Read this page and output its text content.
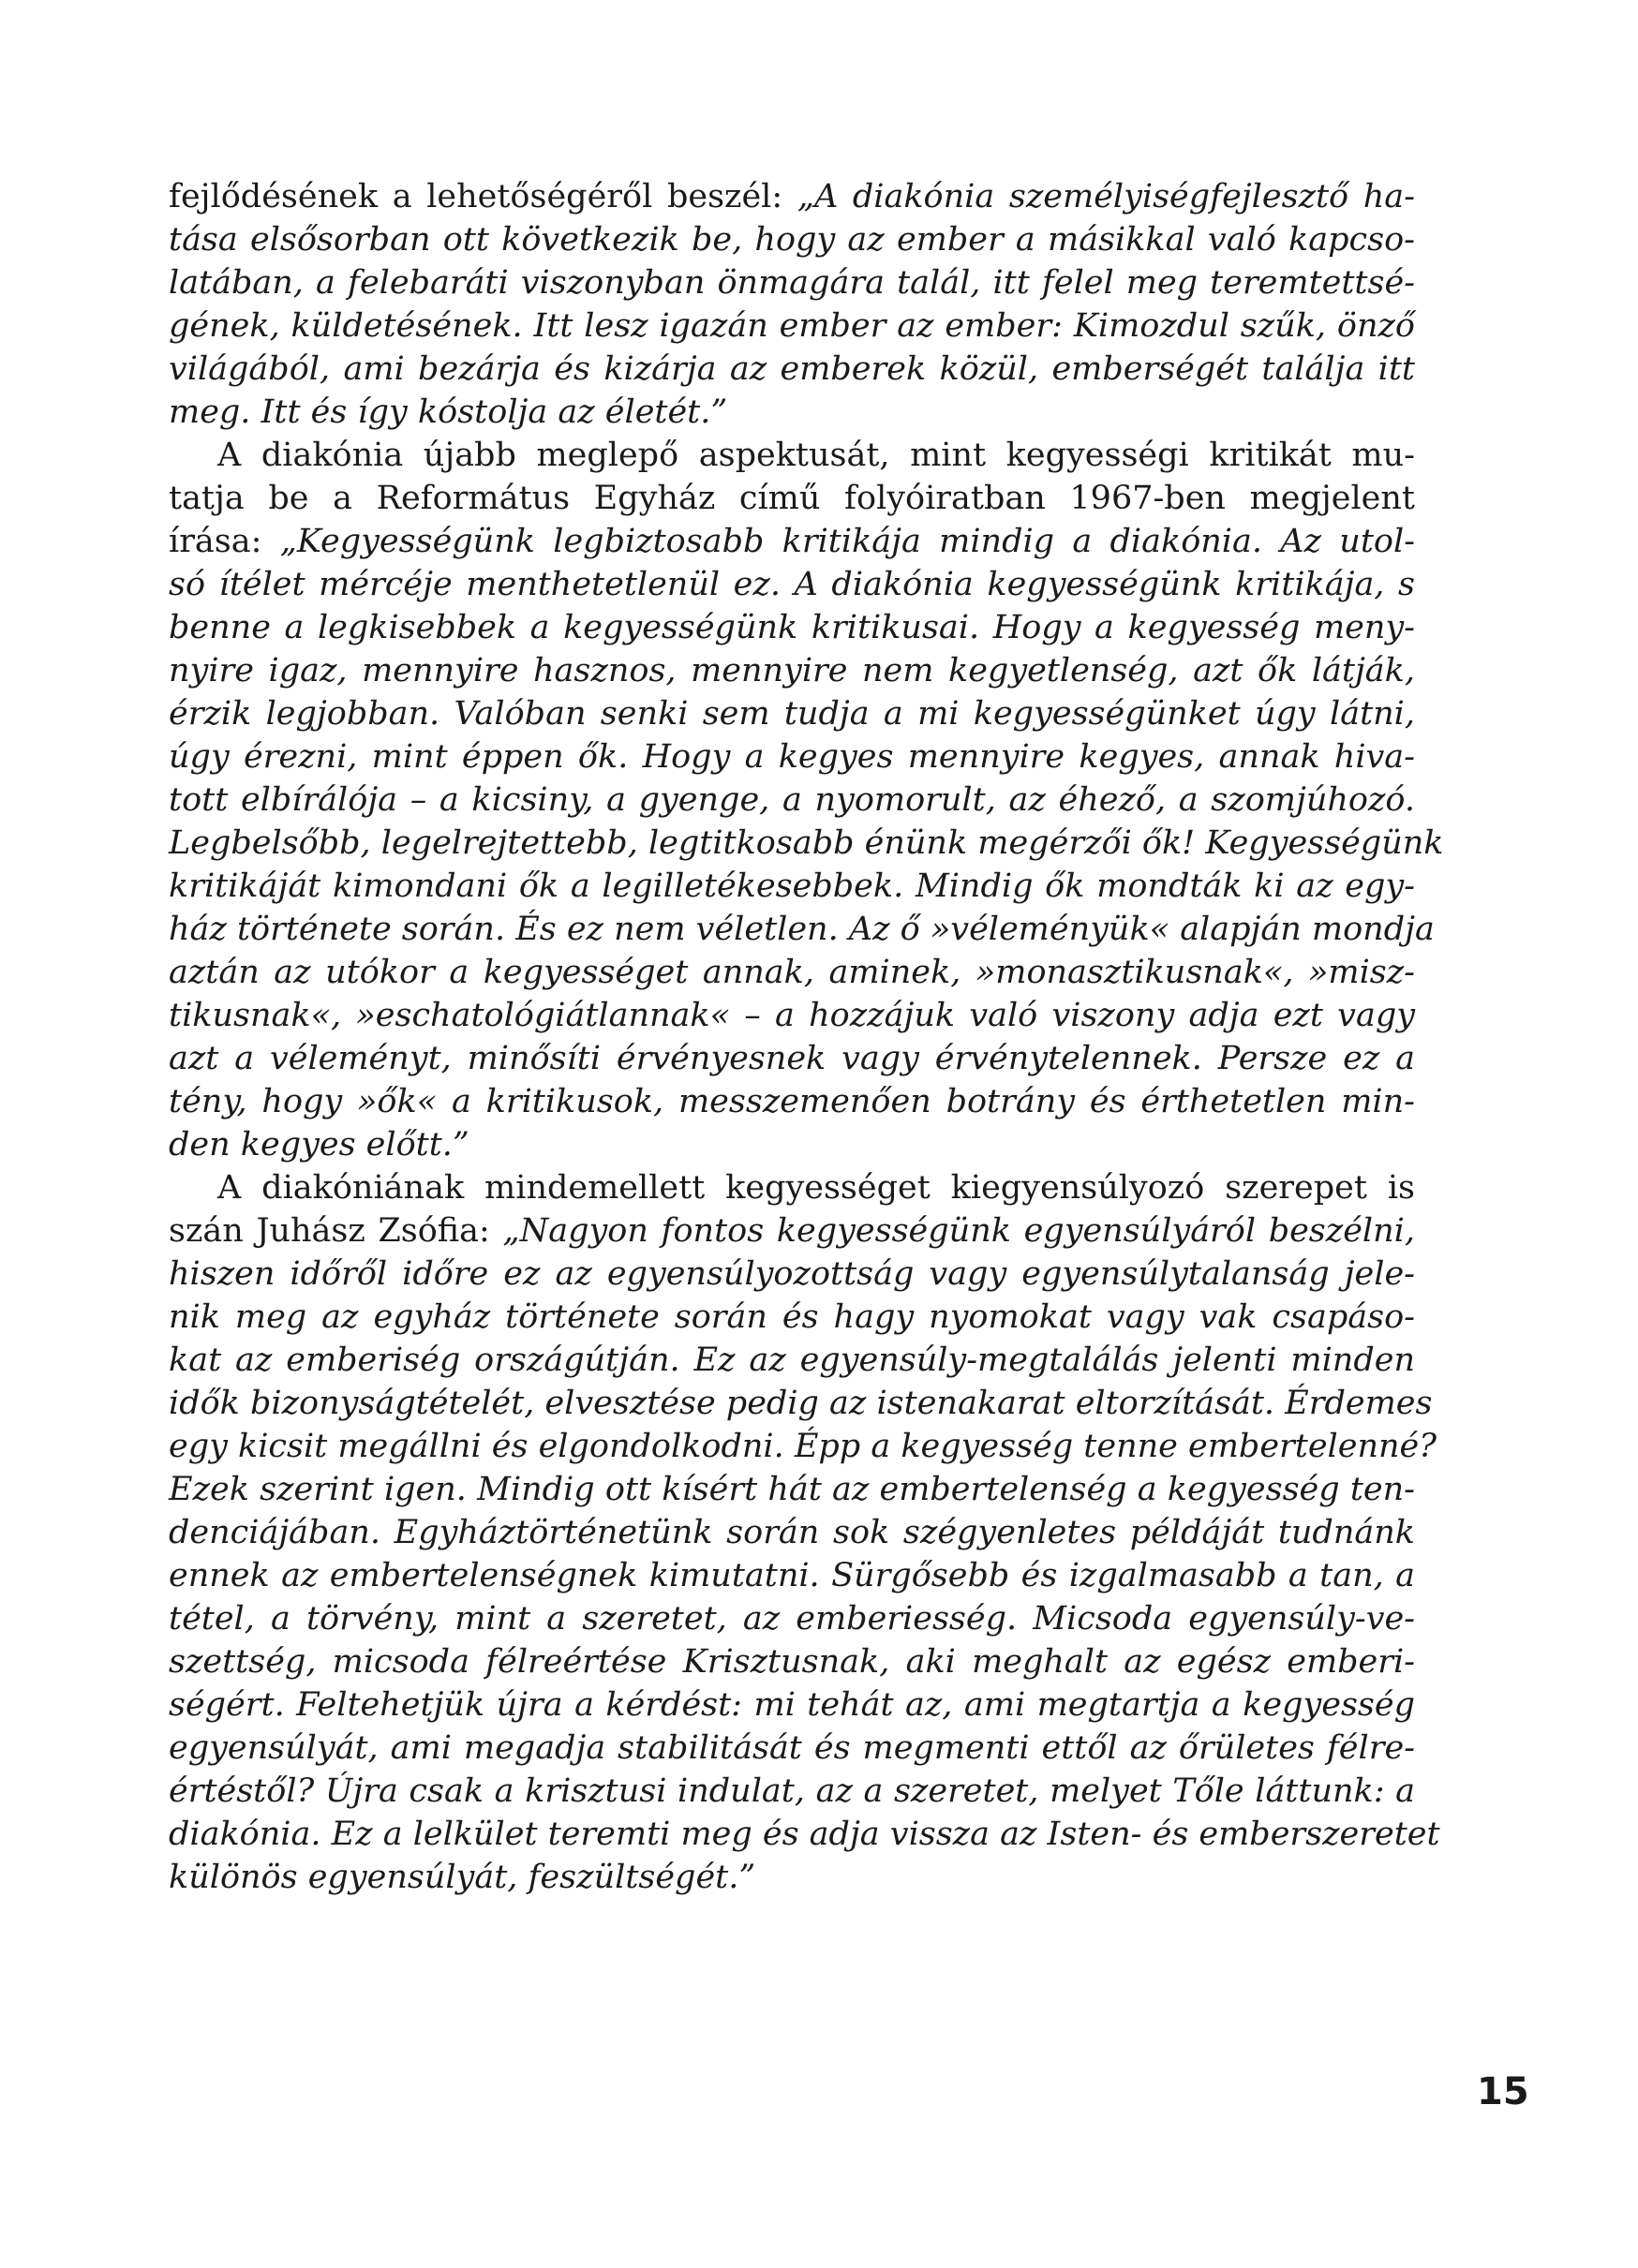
fejlődésének a lehetőségéről beszél: „A diakónia személyiségfejlesztő ha-
tása elsősorban ott következik be, hogy az ember a másikkal való kapcso-
latában, a felebaráti viszonyban önmagára talál, itt felel meg teremtettsé-
gének, küldetésének. Itt lesz igazán ember az ember: Kimozdul szűk, önző
világából, ami bezárja és kizárja az emberek közül, emberségét találja itt
meg. Itt és így kóstolja az életét.”
A diakónia újabb meglepő aspektusát, mint kegyességi kritikát mu-
tatja be a Református Egyház című folyóiratban 1967-ben megjelent
írása: „Kegyességünk legbiztosabb kritikája mindig a diakónia. Az utol-
só ítélet mércéje menthetetlenül ez. A diakónia kegyességünk kritikája, s
benne a legkisebbek a kegyességünk kritikusai. Hogy a kegyesség meny-
nyire igaz, mennyire hasznos, mennyire nem kegyetlenség, azt ők látják,
érzik legjobban. Valóban senki sem tudja a mi kegyességünket úgy látni,
úgy érezni, mint éppen ők. Hogy a kegyes mennyire kegyes, annak hiva-
tott elbírálója – a kicsiny, a gyenge, a nyomorult, az éhező, a szomjúhozó.
Legbelsőbb, legelrejtettebb, legtitkosabb énünk megérzői ők! Kegyességünk
kritikáját kimondani ők a legilletékesebbek. Mindig ők mondták ki az egy-
ház története során. És ez nem véletlen. Az ő »véleményük« alapján mondja
aztán az utókor a kegyességet annak, aminek, »monasztikusnak«, »misz-
tikusnak«, »eschatológiátlannak« – a hozzájuk való viszony adja ezt vagy
azt a véleményt, minősíti érvényesnek vagy érvénytelennek. Persze ez a
tény, hogy »ők« a kritikusok, messzemenően botrány és érthetetlen min-
den kegyes előtt.”
A diakóniának mindemellett kegyességet kiegyensúlyozó szerepet is
szán Juhász Zsófia: „Nagyon fontos kegyességünk egyensúlyáról beszélni,
hiszen időről időre ez az egyensúlyozottság vagy egyensúlytalanság jele-
nik meg az egyház története során és hagy nyomokat vagy vak csapáso-
kat az emberiség országútján. Ez az egyensúly-megtalálás jelenti minden
idők bizonyságtételét, elvesztése pedig az istenakarat eltorzítását. Érdemes
egy kicsit megállni és elgondolkodni. Épp a kegyesség tenne embertelenné?
Ezek szerint igen. Mindig ott kísért hát az embertelenség a kegyesség ten-
denciájában. Egyháztörténetünk során sok szégyenletes példáját tudnánk
ennek az embertelenségnek kimutatni. Sürgősebb és izgalmasabb a tan, a
tétel, a törvény, mint a szeretet, az emberiesség. Micsoda egyensúly-ve-
szettség, micsoda félreértése Krisztusnak, aki meghalt az egész emberi-
ségért. Feltehetjük újra a kérdést: mi tehát az, ami megtartja a kegyesség
egyensúlyát, ami megadja stabilitását és megmenti ettől az őrületes félre-
értéstől? Újra csak a krisztusi indulat, az a szeretet, melyet Tőle láttunk: a
diakónia. Ez a lelkület teremti meg és adja vissza az Isten- és emberszeretet
különös egyensúlyát, feszültségét.”
15
